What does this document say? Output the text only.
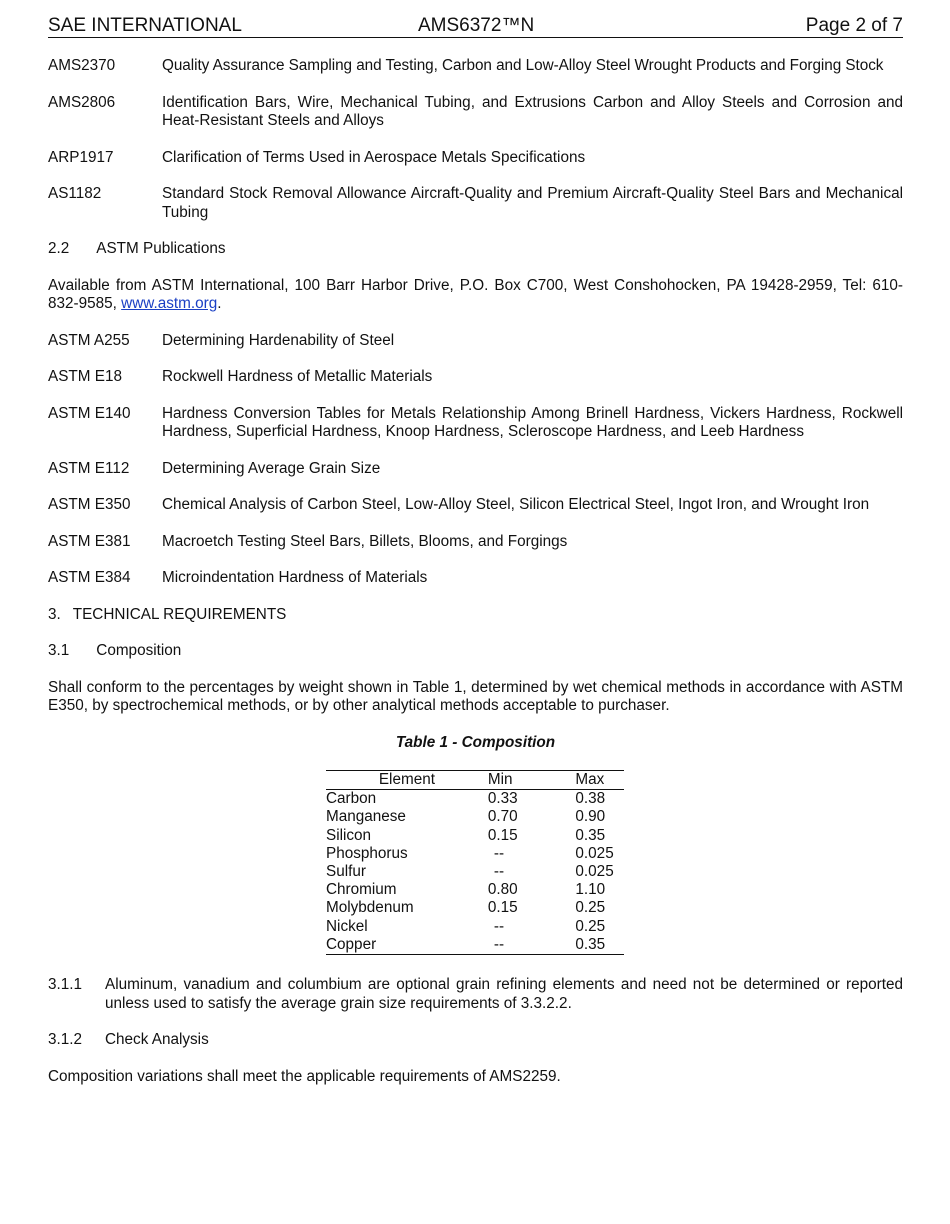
SAE INTERNATIONAL	AMS6372™N	Page 2 of 7
AMS2370	Quality Assurance Sampling and Testing, Carbon and Low-Alloy Steel Wrought Products and Forging Stock
AMS2806	Identification Bars, Wire, Mechanical Tubing, and Extrusions Carbon and Alloy Steels and Corrosion and Heat-Resistant Steels and Alloys
ARP1917	Clarification of Terms Used in Aerospace Metals Specifications
AS1182	Standard Stock Removal Allowance Aircraft-Quality and Premium Aircraft-Quality Steel Bars and Mechanical Tubing
2.2 ASTM Publications
Available from ASTM International, 100 Barr Harbor Drive, P.O. Box C700, West Conshohocken, PA 19428-2959, Tel: 610-832-9585, www.astm.org.
ASTM A255	Determining Hardenability of Steel
ASTM E18	Rockwell Hardness of Metallic Materials
ASTM E140	Hardness Conversion Tables for Metals Relationship Among Brinell Hardness, Vickers Hardness, Rockwell Hardness, Superficial Hardness, Knoop Hardness, Scleroscope Hardness, and Leeb Hardness
ASTM E112	Determining Average Grain Size
ASTM E350	Chemical Analysis of Carbon Steel, Low-Alloy Steel, Silicon Electrical Steel, Ingot Iron, and Wrought Iron
ASTM E381	Macroetch Testing Steel Bars, Billets, Blooms, and Forgings
ASTM E384	Microindentation Hardness of Materials
3. TECHNICAL REQUIREMENTS
3.1 Composition
Shall conform to the percentages by weight shown in Table 1, determined by wet chemical methods in accordance with ASTM E350, by spectrochemical methods, or by other analytical methods acceptable to purchaser.
Table 1 - Composition
Element	Min	Max
Carbon	0.33	0.38
Manganese	0.70	0.90
Silicon	0.15	0.35
Phosphorus	--	0.025
Sulfur	--	0.025
Chromium	0.80	1.10
Molybdenum	0.15	0.25
Nickel	--	0.25
Copper	--	0.35
3.1.1	Aluminum, vanadium and columbium are optional grain refining elements and need not be determined or reported unless used to satisfy the average grain size requirements of 3.3.2.2.
3.1.2	Check Analysis
Composition variations shall meet the applicable requirements of AMS2259.
